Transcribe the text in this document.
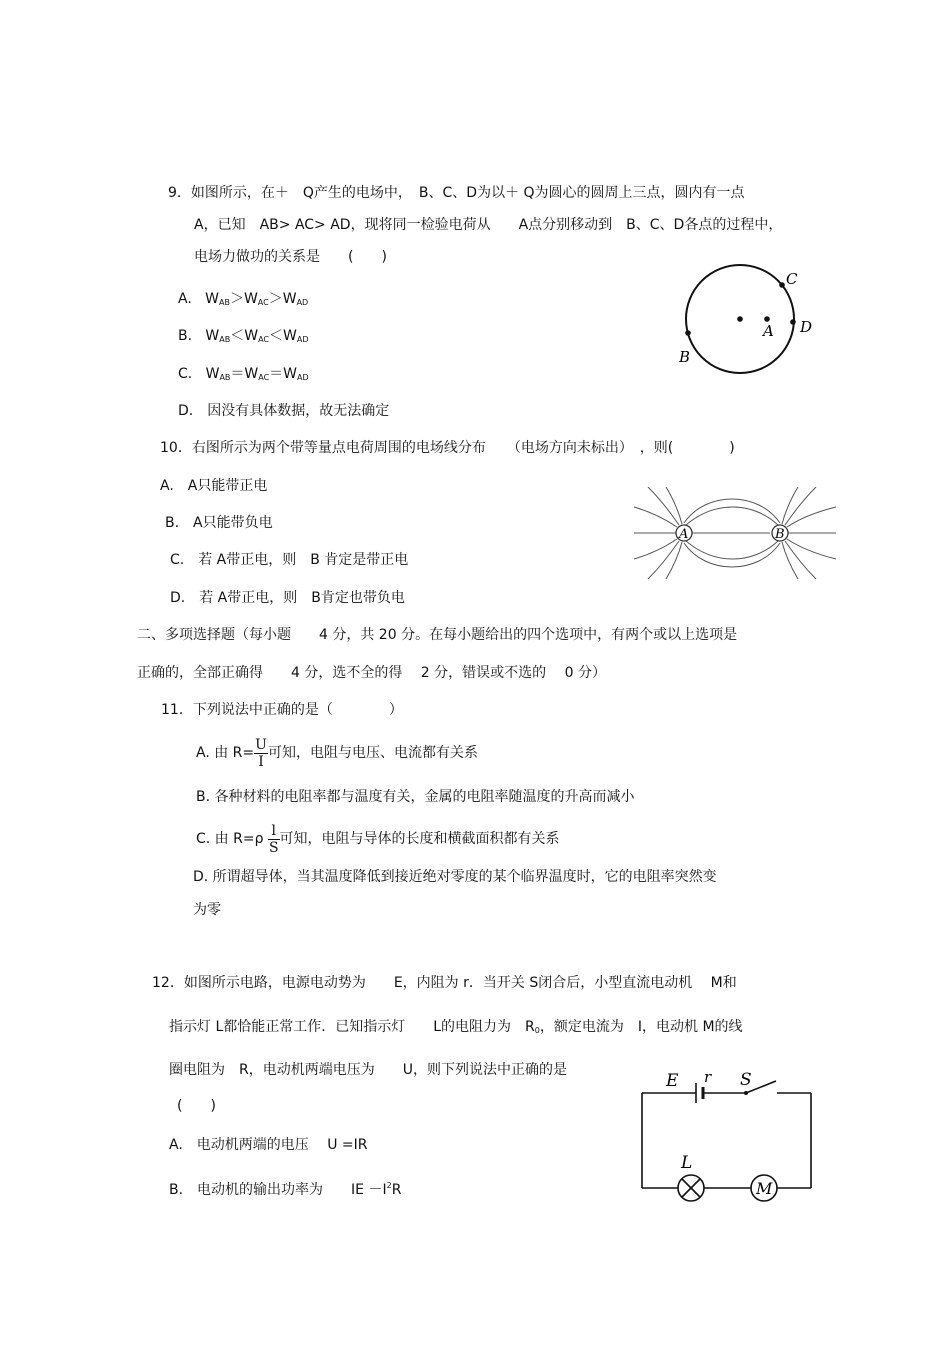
9．如图所示，在＋　Q产生的电场中，　B、C、D为以＋ Q为圆心的圆周上三点，圆内有一点
A，已知　AB> AC> AD，现将同一检验电荷从　　A点分别移动到　B、C、D各点的过程中，
电场力做功的关系是　　(　　)
A. $W_{AB}>W_{AC}>W_{AD}$
B. $W_{AB}<W_{AC}<W_{AD}$
C. $W_{AB}=W_{AC}=W_{AD}$
D.　因没有具体数据，故无法确定
C
A D
B
10．右图所示为两个带等量点电荷周围的电场线分布　　（电场方向未标出）　，则(　　　　)
A.　A只能带正电
B.　A只能带负电
C.　若 A带正电，则　B 肯定是带正电
D.　若 A带正电，则　B肯定也带负电
A	B
二、多项选择题（每小题　　4 分，共 20 分。在每小题给出的四个选项中，有两个或以上选项是
正确的，全部正确得　　4 分，选不全的得　 2 分，错误或不选的　 0 分）
11．下列说法中正确的是（　　　　）
A. 由 $R= \frac{U}{I}$ 可知，电阻与电压、电流都有关系
B. 各种材料的电阻率都与温度有关，金属的电阻率随温度的升高而减小
C. 由 $R=\rho \frac{l}{S}$ 可知，电阻与导体的长度和横截面积都有关系
D. 所谓超导体，当其温度降低到接近绝对零度的某个临界温度时，它的电阻率突然变
为零
12．如图所示电路，电源电动势为　　E，内阻为 r．当开关 S闭合后，小型直流电动机　 M和
指示灯 L都恰能正常工作．已知指示灯　　L的电阻力为　$R_0$，额定电流为　I，电动机 M的线
圈电阻为　R，电动机两端电压为　　U，则下列说法中正确的是
(　　)
A.　电动机两端的电压　 U =IR
B.　电动机的输出功率为　　IE $-I^2R$
E r S
L
M
